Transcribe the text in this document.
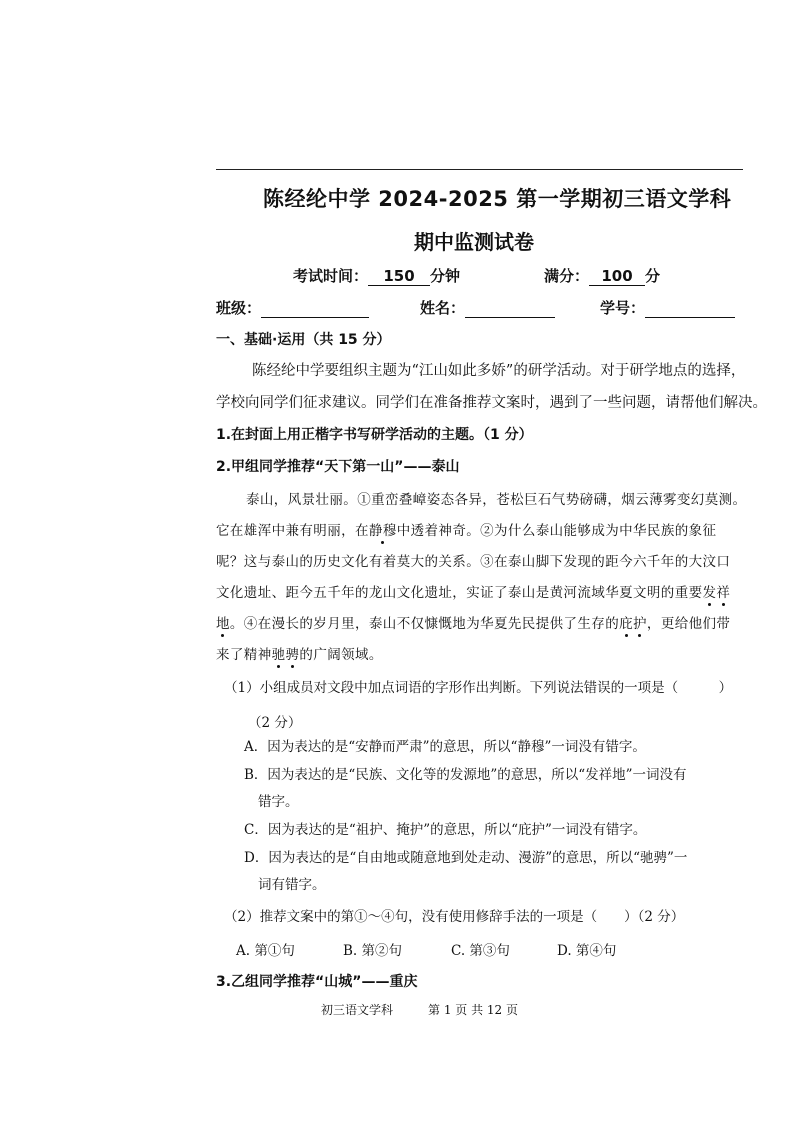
陈经纶中学 2024-2025 第一学期初三语文学科
期中监测试卷
考试时间： 150 分钟	满分： 100 分
班级：	姓名：	学号：
一、基础·运用（共 15 分）
陈经纶中学要组织主题为“江山如此多娇”的研学活动。对于研学地点的选择，
学校向同学们征求建议。同学们在准备推荐文案时，遇到了一些问题，请帮他们解决。
1.在封面上用正楷字书写研学活动的主题。（1 分）
2.甲组同学推荐“天下第一山”——泰山
泰山，风景壮丽。①重峦叠嶂姿态各异，苍松巨石气势磅礴，烟云薄雾变幻莫测。
它在雄浑中兼有明丽，在静穆中透着神奇。②为什么泰山能够成为中华民族的象征
呢？这与泰山的历史文化有着莫大的关系。③在泰山脚下发现的距今六千年的大汶口
文化遗址、距今五千年的龙山文化遗址，实证了泰山是黄河流域华夏文明的重要发祥
地。④在漫长的岁月里，泰山不仅慷慨地为华夏先民提供了生存的庇护，更给他们带
来了精神驰骋的广阔领域。
（1）小组成员对文段中加点词语的字形作出判断。下列说法错误的一项是（　　　）
（2 分）
A．因为表达的是“安静而严肃”的意思，所以“静穆”一词没有错字。
B．因为表达的是“民族、文化等的发源地”的意思，所以“发祥地”一词没有
错字。
C．因为表达的是“祖护、掩护”的意思，所以“庇护”一词没有错字。
D．因为表达的是“自由地或随意地到处走动、漫游”的意思，所以“驰骋”一
词有错字。
（2）推荐文案中的第①～④句，没有使用修辞手法的一项是（　　）（2 分）
A. 第①句	B. 第②句	C. 第③句	D. 第④句
3.乙组同学推荐“山城”——重庆
初三语文学科	第 1 页 共 12 页
